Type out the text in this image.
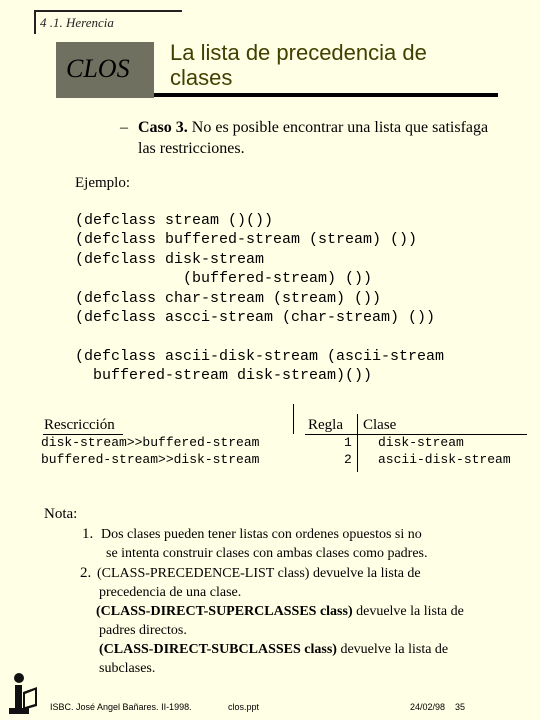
4 .1. Herencia
CLOS
La lista de precedencia de
clases
– Caso 3. No es posible encontrar una lista que satisfaga las restricciones.
Ejemplo:
(defclass stream ()())
(defclass buffered-stream (stream) ())
(defclass disk-stream
(buffered-stream) ())
(defclass char-stream (stream) ())
(defclass ascci-stream (char-stream) ())
(defclass ascii-disk-stream (ascii-stream
buffered-stream disk-stream)())
Rescricción	Regla Clase
disk-stream>>buffered-stream	1 disk-stream
buffered-stream>>disk-stream	2 ascii-disk-stream
Nota:
1. Dos clases pueden tener listas con ordenes opuestos si no
se intenta construir clases con ambas clases como padres.
2. (CLASS-PRECEDENCE-LIST class) devuelve la lista de
precedencia de una clase.
(CLASS-DIRECT-SUPERCLASSES class) devuelve la lista de
padres directos.
(CLASS-DIRECT-SUBCLASSES class) devuelve la lista de
subclases.
ISBC. José Angel Bañares. II-1998.	clos.ppt	24/02/98 35
